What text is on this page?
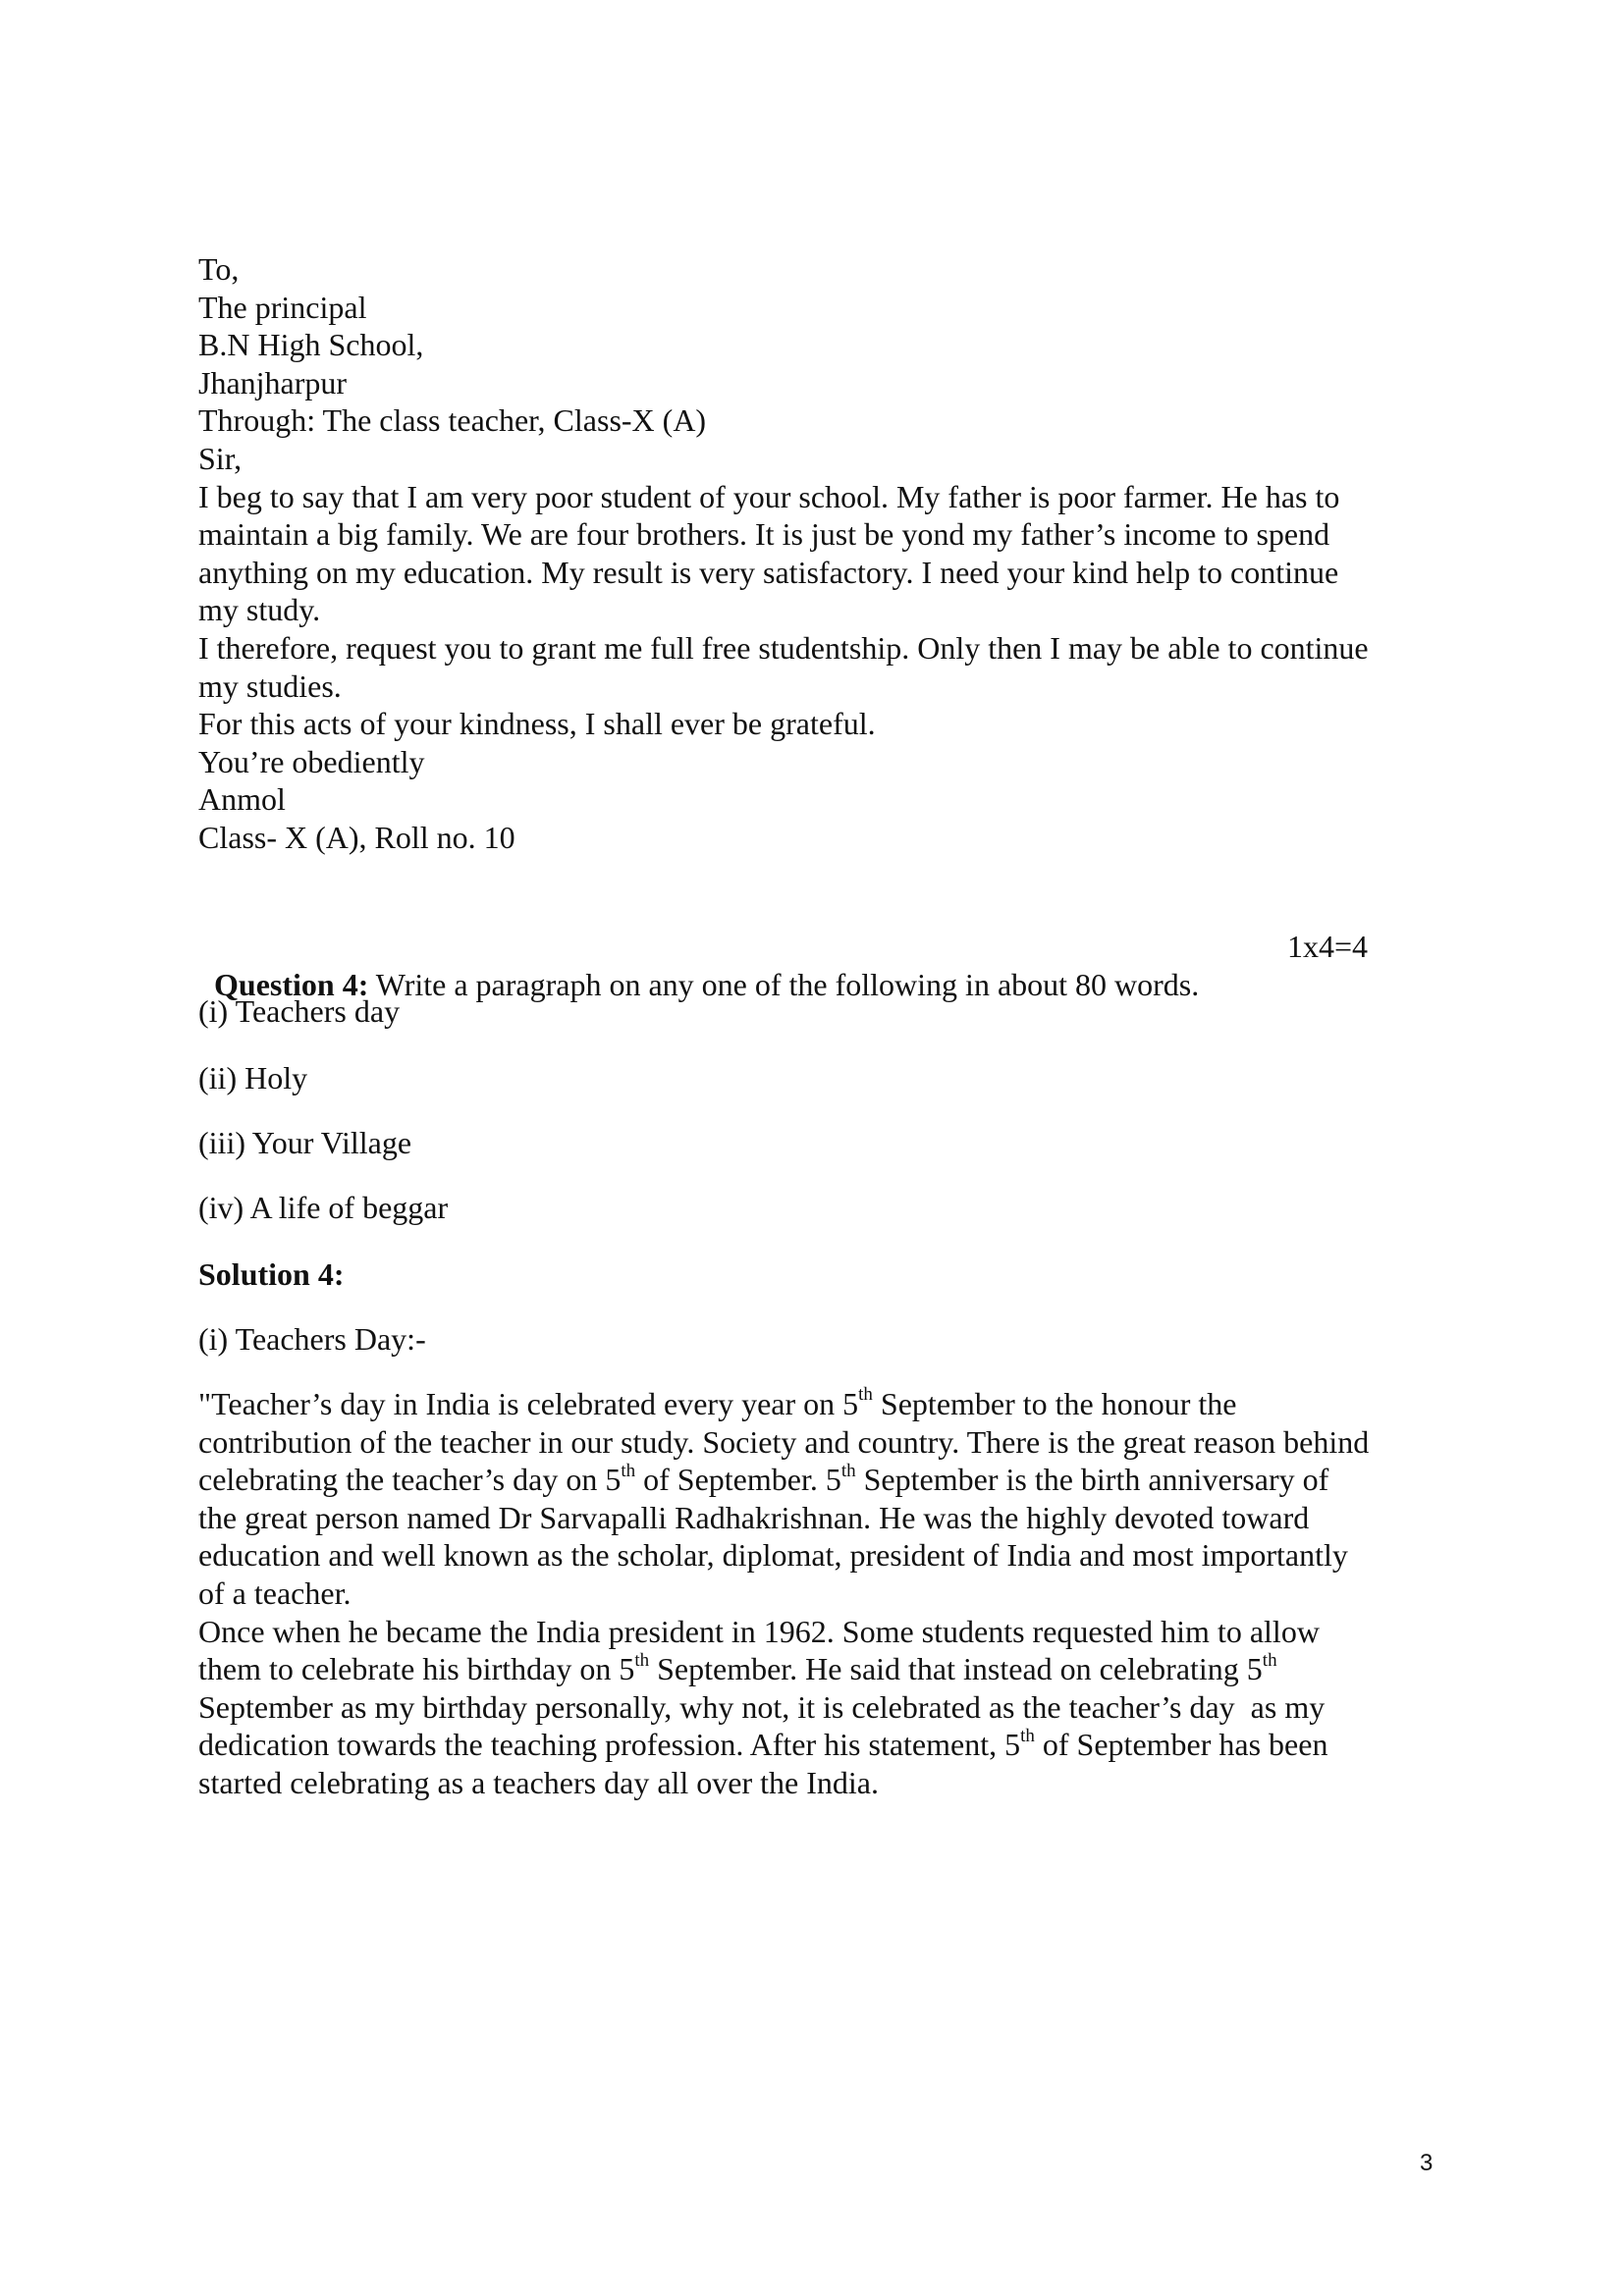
To,
The principal
B.N High School,
Jhanjharpur
Through: The class teacher, Class-X (A)
Sir,
I beg to say that I am very poor student of your school. My father is poor farmer. He has to
maintain a big family. We are four brothers. It is just be yond my father’s income to spend
anything on my education. My result is very satisfactory. I need your kind help to continue
my study.
I therefore, request you to grant me full free studentship. Only then I may be able to continue
my studies.
For this acts of your kindness, I shall ever be grateful.
You’re obediently
Anmol
Class- X (A), Roll no. 10

Question 4: Write a paragraph on any one of the following in about 80 words.

1x4=4
(i) Teachers day
(ii) Holy
(iii) Your Village
(iv) A life of beggar
Solution 4:
(i) Teachers Day:-
"Teacher’s day in India is celebrated every year on 5th September to the honour the
contribution of the teacher in our study. Society and country. There is the great reason behind
celebrating the teacher’s day on 5th of September. 5th September is the birth anniversary of
the great person named Dr Sarvapalli Radhakrishnan. He was the highly devoted toward
education and well known as the scholar, diplomat, president of India and most importantly
of a teacher.
Once when he became the India president in 1962. Some students requested him to allow
them to celebrate his birthday on 5th September. He said that instead on celebrating 5th
September as my birthday personally, why not, it is celebrated as the teacher’s day  as my
dedication towards the teaching profession. After his statement, 5th of September has been
started celebrating as a teachers day all over the India.
3
